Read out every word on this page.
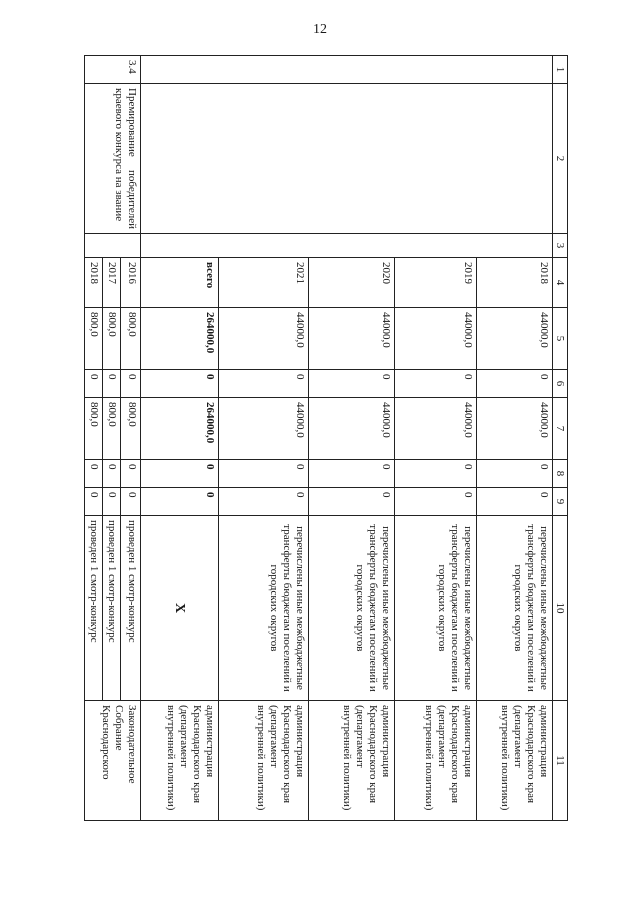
12
1	2	3	4	5	6	7	8	9	10	11
			2018	44000,0	0	44000,0	0	0	перечислены иные межбюджетные трансферты бюджетам поселений и городских округов	администрация Краснодарского края (департамент внутренней политики)
			2019	44000,0	0	44000,0	0	0	перечислены иные межбюджетные трансферты бюджетам поселений и городских округов	администрация Краснодарского края (департамент внутренней политики)
			2020	44000,0	0	44000,0	0	0	перечислены иные межбюджетные трансферты бюджетам поселений и городских округов	администрация Краснодарского края (департамент внутренней политики)
			2021	44000,0	0	44000,0	0	0	перечислены иные межбюджетные трансферты бюджетам поселений и городских округов	администрация Краснодарского края (департамент внутренней политики)
			всего	264000,0	0	264000,0	0	0	X	администрация Краснодарского края (департамент внутренней политики)
3.4	Премирование победителей краевого конкурса на звание		2016	800,0	0	800,0	0	0	проведен 1 смотр-конкурс	Законодательное Собрание Краснодарского
			2017	800,0	0	800,0	0	0	проведен 1 смотр-конкурс	
			2018	800,0	0	800,0	0	0	проведен 1 смотр-конкурс	
